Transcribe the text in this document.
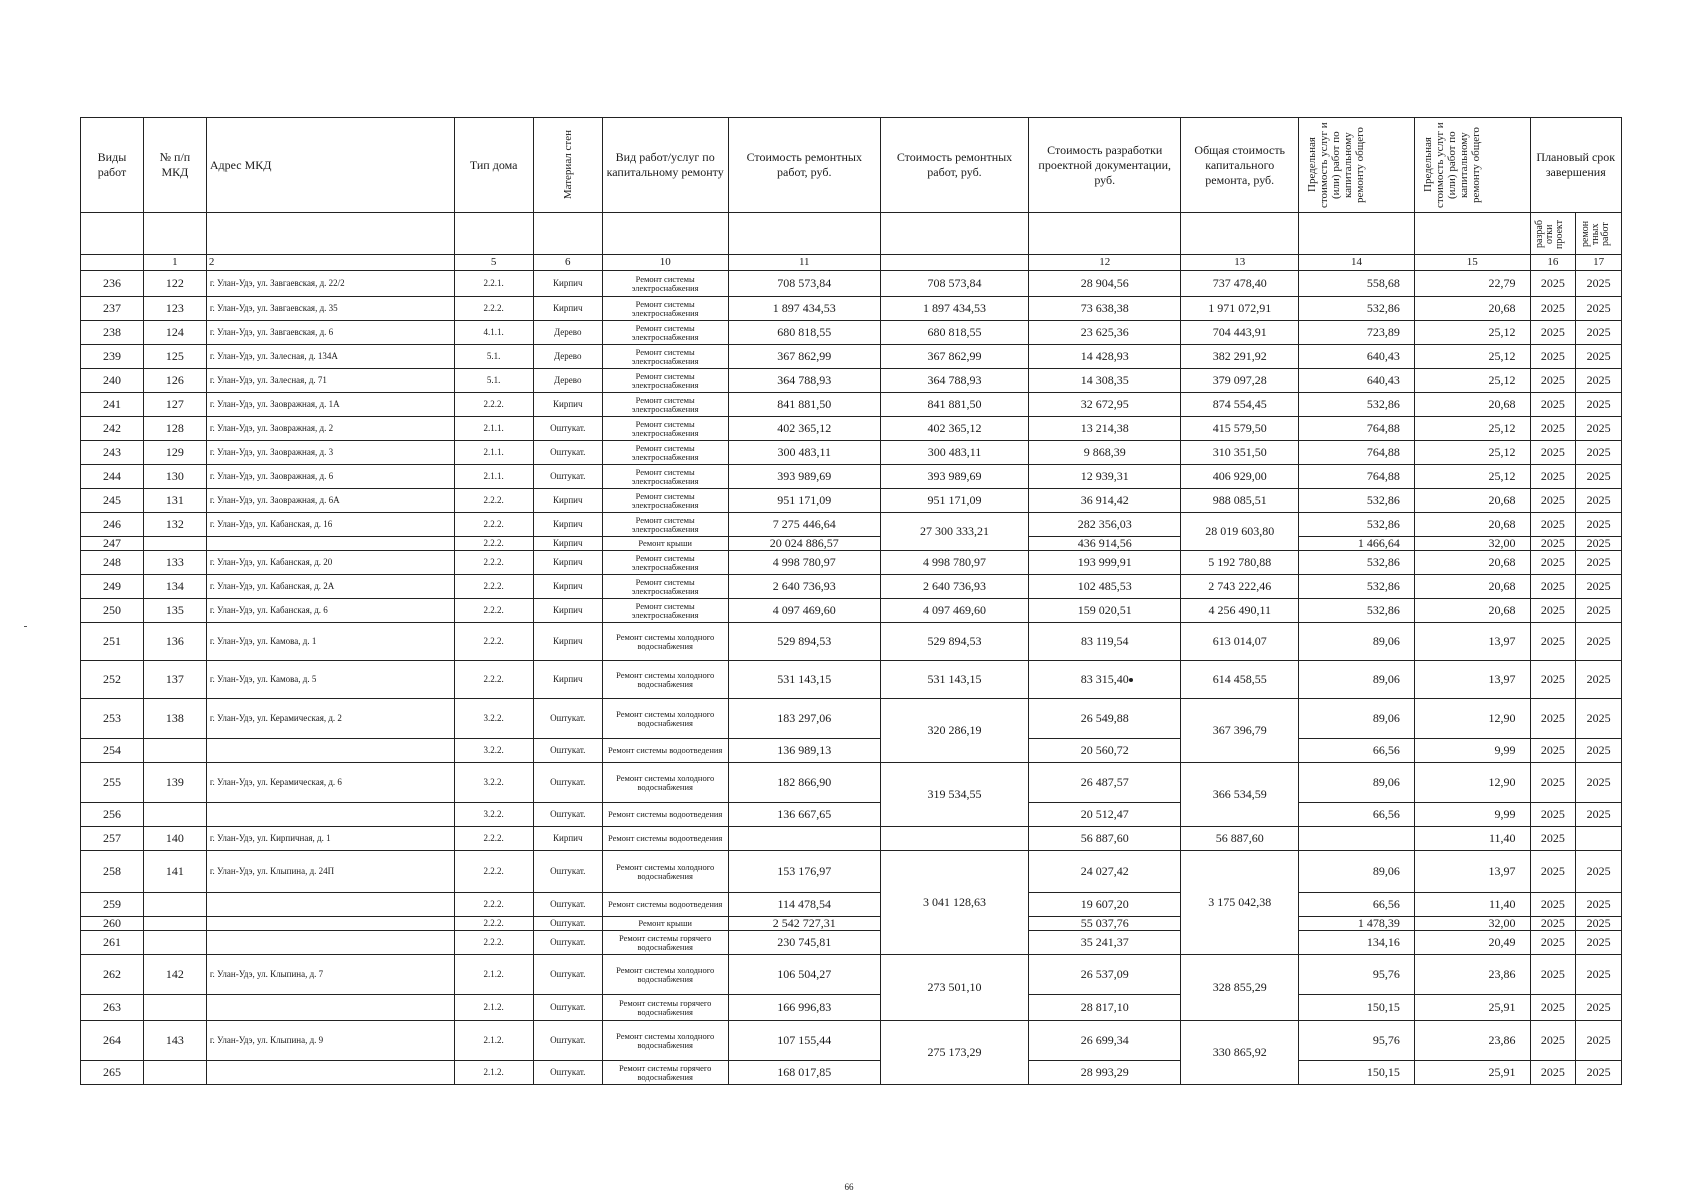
Виды работ	№ п/п МКД	Адрес МКД	Тип дома	Материал стен	Вид работ/услуг по капитальному ремонту	Стоимость ремонтных работ, руб.	Стоимость ремонтных работ, руб.	Стоимость разработки проектной документации, руб.	Общая стоимость капитального ремонта, руб.	Предельная стоимость услуг и (или) работ по капитальному ремонту общего	Предельная стоимость услуг и (или) работ по капитальному ремонту общего	Плановый срок завершения	

												разраб отки проект	ремон тных работ

	1	2	5	6	10	11		12	13	14	15	16	17
236	122	г. Улан-Удэ, ул. Завгаевская, д. 22/2	2.2.1.	Кирпич	Ремонт системы электроснабжения	708 573,84	708 573,84	28 904,56	737 478,40	558,68	22,79	2025	2025
237	123	г. Улан-Удэ, ул. Завгаевская, д. 35	2.2.2.	Кирпич	Ремонт системы электроснабжения	1 897 434,53	1 897 434,53	73 638,38	1 971 072,91	532,86	20,68	2025	2025
238	124	г. Улан-Удэ, ул. Завгаевская, д. 6	4.1.1.	Дерево	Ремонт системы электроснабжения	680 818,55	680 818,55	23 625,36	704 443,91	723,89	25,12	2025	2025
239	125	г. Улан-Удэ, ул. Залесная, д. 134А	5.1.	Дерево	Ремонт системы электроснабжения	367 862,99	367 862,99	14 428,93	382 291,92	640,43	25,12	2025	2025
240	126	г. Улан-Удэ, ул. Залесная, д. 71	5.1.	Дерево	Ремонт системы электроснабжения	364 788,93	364 788,93	14 308,35	379 097,28	640,43	25,12	2025	2025
241	127	г. Улан-Удэ, ул. Заовражная, д. 1А	2.2.2.	Кирпич	Ремонт системы электроснабжения	841 881,50	841 881,50	32 672,95	874 554,45	532,86	20,68	2025	2025
242	128	г. Улан-Удэ, ул. Заовражная, д. 2	2.1.1.	Оштукат.	Ремонт системы электроснабжения	402 365,12	402 365,12	13 214,38	415 579,50	764,88	25,12	2025	2025
243	129	г. Улан-Удэ, ул. Заовражная, д. 3	2.1.1.	Оштукат.	Ремонт системы электроснабжения	300 483,11	300 483,11	9 868,39	310 351,50	764,88	25,12	2025	2025
244	130	г. Улан-Удэ, ул. Заовражная, д. 6	2.1.1.	Оштукат.	Ремонт системы электроснабжения	393 989,69	393 989,69	12 939,31	406 929,00	764,88	25,12	2025	2025
245	131	г. Улан-Удэ, ул. Заовражная, д. 6А	2.2.2.	Кирпич	Ремонт системы электроснабжения	951 171,09	951 171,09	36 914,42	988 085,51	532,86	20,68	2025	2025
246	132	г. Улан-Удэ, ул. Кабанская, д. 16	2.2.2.	Кирпич	Ремонт системы электроснабжения	7 275 446,64	27 300 333,21	282 356,03	28 019 603,80	532,86	20,68	2025	2025
247			2.2.2.	Кирпич	Ремонт крыши	20 024 886,57		436 914,56		1 466,64	32,00	2025	2025
248	133	г. Улан-Удэ, ул. Кабанская, д. 20	2.2.2.	Кирпич	Ремонт системы электроснабжения	4 998 780,97	4 998 780,97	193 999,91	5 192 780,88	532,86	20,68	2025	2025
249	134	г. Улан-Удэ, ул. Кабанская, д. 2А	2.2.2.	Кирпич	Ремонт системы электроснабжения	2 640 736,93	2 640 736,93	102 485,53	2 743 222,46	532,86	20,68	2025	2025
250	135	г. Улан-Удэ, ул. Кабанская, д. 6	2.2.2.	Кирпич	Ремонт системы электроснабжения	4 097 469,60	4 097 469,60	159 020,51	4 256 490,11	532,86	20,68	2025	2025
251	136	г. Улан-Удэ, ул. Камова, д. 1	2.2.2.	Кирпич	Ремонт системы холодного водоснабжения	529 894,53	529 894,53	83 119,54	613 014,07	89,06	13,97	2025	2025
252	137	г. Улан-Удэ, ул. Камова, д. 5	2.2.2.	Кирпич	Ремонт системы холодного водоснабжения	531 143,15	531 143,15	83 315,40	614 458,55	89,06	13,97	2025	2025
253	138	г. Улан-Удэ, ул. Керамическая, д. 2	3.2.2.	Оштукат.	Ремонт системы холодного водоснабжения	183 297,06	320 286,19	26 549,88	367 396,79	89,06	12,90	2025	2025
254			3.2.2.	Оштукат.	Ремонт системы водоотведения	136 989,13		20 560,72		66,56	9,99	2025	2025
255	139	г. Улан-Удэ, ул. Керамическая, д. 6	3.2.2.	Оштукат.	Ремонт системы холодного водоснабжения	182 866,90	319 534,55	26 487,57	366 534,59	89,06	12,90	2025	2025
256			3.2.2.	Оштукат.	Ремонт системы водоотведения	136 667,65		20 512,47		66,56	9,99	2025	2025
257	140	г. Улан-Удэ, ул. Кирпичная, д. 1	2.2.2.	Кирпич	Ремонт системы водоотведения			56 887,60	56 887,60		11,40	2025	
258	141	г. Улан-Удэ, ул. Клыпина, д. 24П	2.2.2.	Оштукат.	Ремонт системы холодного водоснабжения	153 176,97	3 041 128,63	24 027,42	3 175 042,38	89,06	13,97	2025	2025
259			2.2.2.	Оштукат.	Ремонт системы водоотведения	114 478,54		19 607,20		66,56	11,40	2025	2025
260			2.2.2.	Оштукат.	Ремонт крыши	2 542 727,31		55 037,76		1 478,39	32,00	2025	2025
261			2.2.2.	Оштукат.	Ремонт системы горячего водоснабжения	230 745,81		35 241,37		134,16	20,49	2025	2025
262	142	г. Улан-Удэ, ул. Клыпина, д. 7	2.1.2.	Оштукат.	Ремонт системы холодного водоснабжения	106 504,27	273 501,10	26 537,09	328 855,29	95,76	23,86	2025	2025
263			2.1.2.	Оштукат.	Ремонт системы горячего водоснабжения	166 996,83		28 817,10		150,15	25,91	2025	2025
264	143	г. Улан-Удэ, ул. Клыпина, д. 9	2.1.2.	Оштукат.	Ремонт системы холодного водоснабжения	107 155,44	275 173,29	26 699,34	330 865,92	95,76	23,86	2025	2025
265			2.1.2.	Оштукат.	Ремонт системы горячего водоснабжения	168 017,85		28 993,29		150,15	25,91	2025	2025
66
